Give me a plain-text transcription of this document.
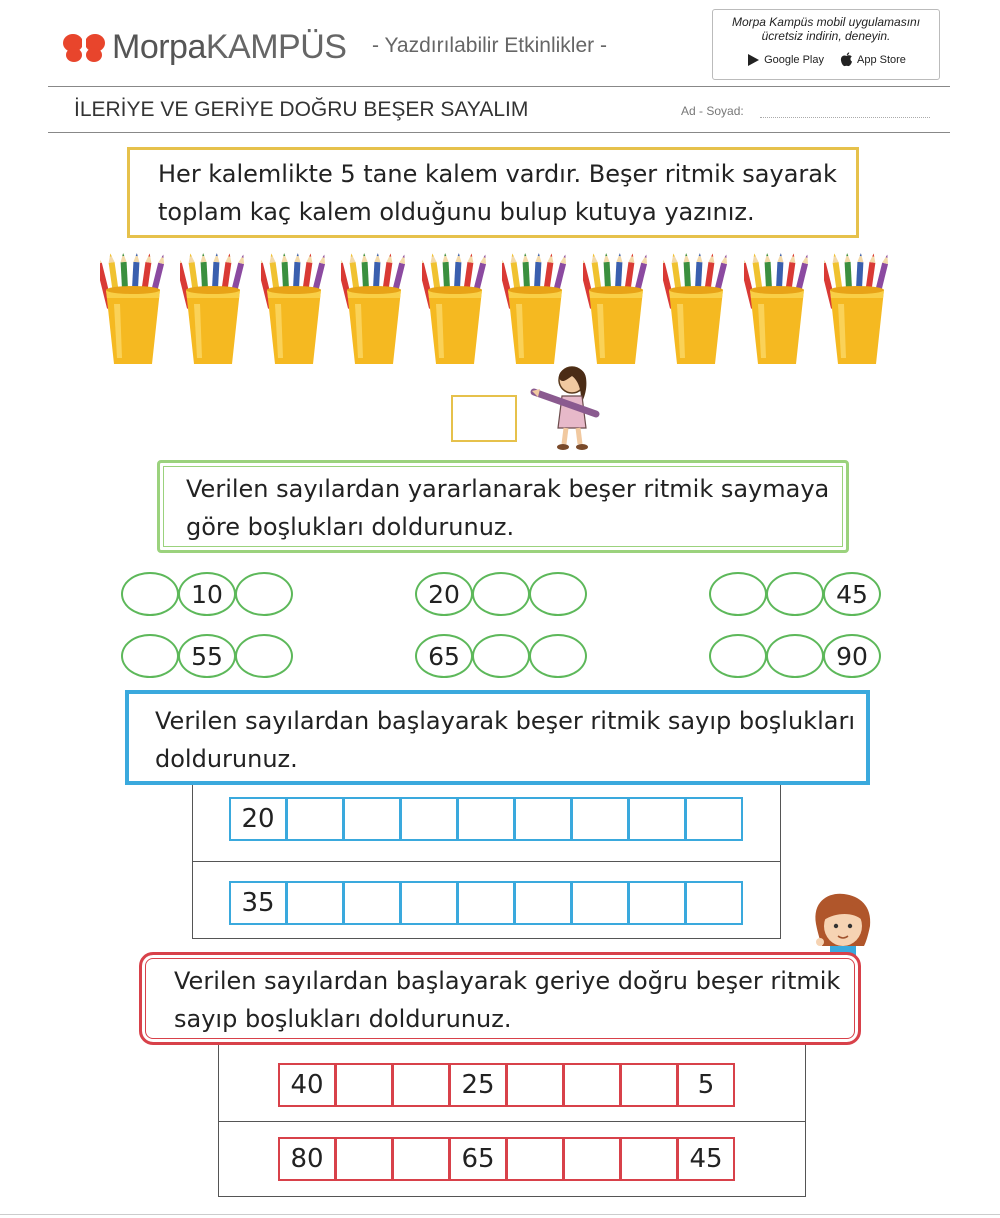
MorpaKAMPÜS - Yazdırılabilir Etkinlikler -
Morpa Kampüs mobil uygulamasını
ücretsiz indirin, deneyin.
Google Play	App Store
İLERİYE VE GERİYE DOĞRU BEŞER SAYALIM	Ad - Soyad:
Her kalemlikte 5 tane kalem vardır. Beşer ritmik sayarak
toplam kaç kalem olduğunu bulup kutuya yazınız.
Verilen sayılardan yararlanarak beşer ritmik saymaya
göre boşlukları doldurunuz.
10	20	45
55	65	90
Verilen sayılardan başlayarak beşer ritmik sayıp boşlukları
doldurunuz.
20
35
Verilen sayılardan başlayarak geriye doğru beşer ritmik
sayıp boşlukları doldurunuz.
40	25	5
80	65	45
